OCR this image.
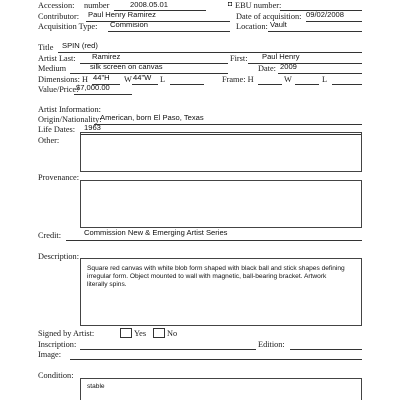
Accession: number	2008.05.01	◘ EBU number:
Contributor: Paul Henry Ramirez	Date of acquisition: 09/02/2008
Acquisition Type: Commision	Location: Vault
Title SPIN (red)
Artist Last: Ramirez	First: Paul Henry
Medium	silk screen on canvas	Date: 2009
Dimensions: H 44"H W 44"W L	Frame: H	W	L
Value/Price:
$7,000.00
Artist Information:
Origin/Nationality:
American, born El Paso, Texas
Life Dates: 1963
Other:
Provenance:
Credit:	Commission New & Emerging Artist Series
Description:
Square red canvas with white blob form shaped with black ball and stick shapes defining
irregular form. Object mounted to wall with magnetic, ball-bearing bracket. Artwork
literally spins.
Signed by Artist:	Yes	No
Inscription:	Edition:
Image:
Condition:
stable
